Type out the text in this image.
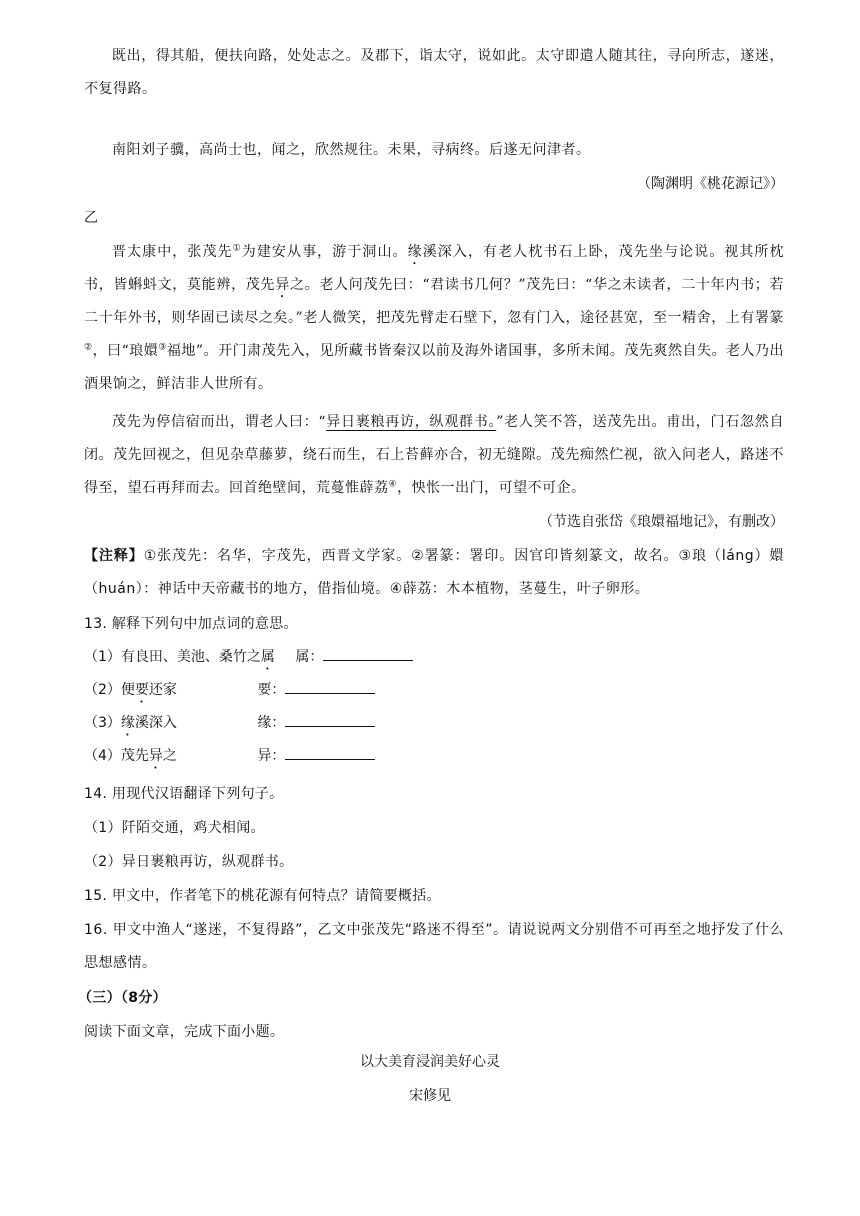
既出，得其船，便扶向路，处处志之。及郡下，诣太守，说如此。太守即遣人随其往，寻向所志，遂迷，不复得路。

南阳刘子骥，高尚士也，闻之，欣然规往。未果，寻病终。后遂无问津者。

（陶渊明《桃花源记》）

乙

晋太康中，张茂先①为建安从事，游于洞山。缘溪深入，有老人枕书石上卧，茂先坐与论说。视其所枕书，皆蝌蚪文，莫能辨，茂先异之。老人问茂先曰：“君读书几何？”茂先曰：“华之未读者，二十年内书；若二十年外书，则华固已读尽之矣。”老人微笑，把茂先臂走石壁下，忽有门入，途径甚宽，至一精舍，上有署篆②，曰“琅嬛③福地”。开门肃茂先入，见所藏书皆秦汉以前及海外诸国事，多所未闻。茂先爽然自失。老人乃出酒果饷之，鲜洁非人世所有。

茂先为停信宿而出，谓老人曰：“异日裹粮再访，纵观群书。”老人笑不答，送茂先出。甫出，门石忽然自闭。茂先回视之，但见杂草藤萝，绕石而生，石上苔藓亦合，初无缝隙。茂先痴然伫视，欲入问老人，路迷不得至，望石再拜而去。回首绝壁间，荒蔓惟薜荔④，怏怅一出门，可望不可企。

（节选自张岱《琅嬛福地记》，有删改）

【注释】①张茂先：名华，字茂先，西晋文学家。②署篆：署印。因官印皆刻篆文，故名。③琅（láng）嬛（huán）：神话中天帝藏书的地方，借指仙境。④薜荔：木本植物，茎蔓生，叶子卵形。

13. 解释下列句中加点词的意思。

（1）有良田、美池、桑竹之属 属：

（2）便要还家	要：

（3）缘溪深入	缘：

（4）茂先异之	异：

14. 用现代汉语翻译下列句子。

（1）阡陌交通，鸡犬相闻。

（2）异日裹粮再访，纵观群书。

15. 甲文中，作者笔下的桃花源有何特点？请简要概括。

16. 甲文中渔人“遂迷，不复得路”，乙文中张茂先“路迷不得至”。请说说两文分别借不可再至之地抒发了什么思想感情。

（三）（8分）

阅读下面文章，完成下面小题。

以大美育浸润美好心灵

宋修见
